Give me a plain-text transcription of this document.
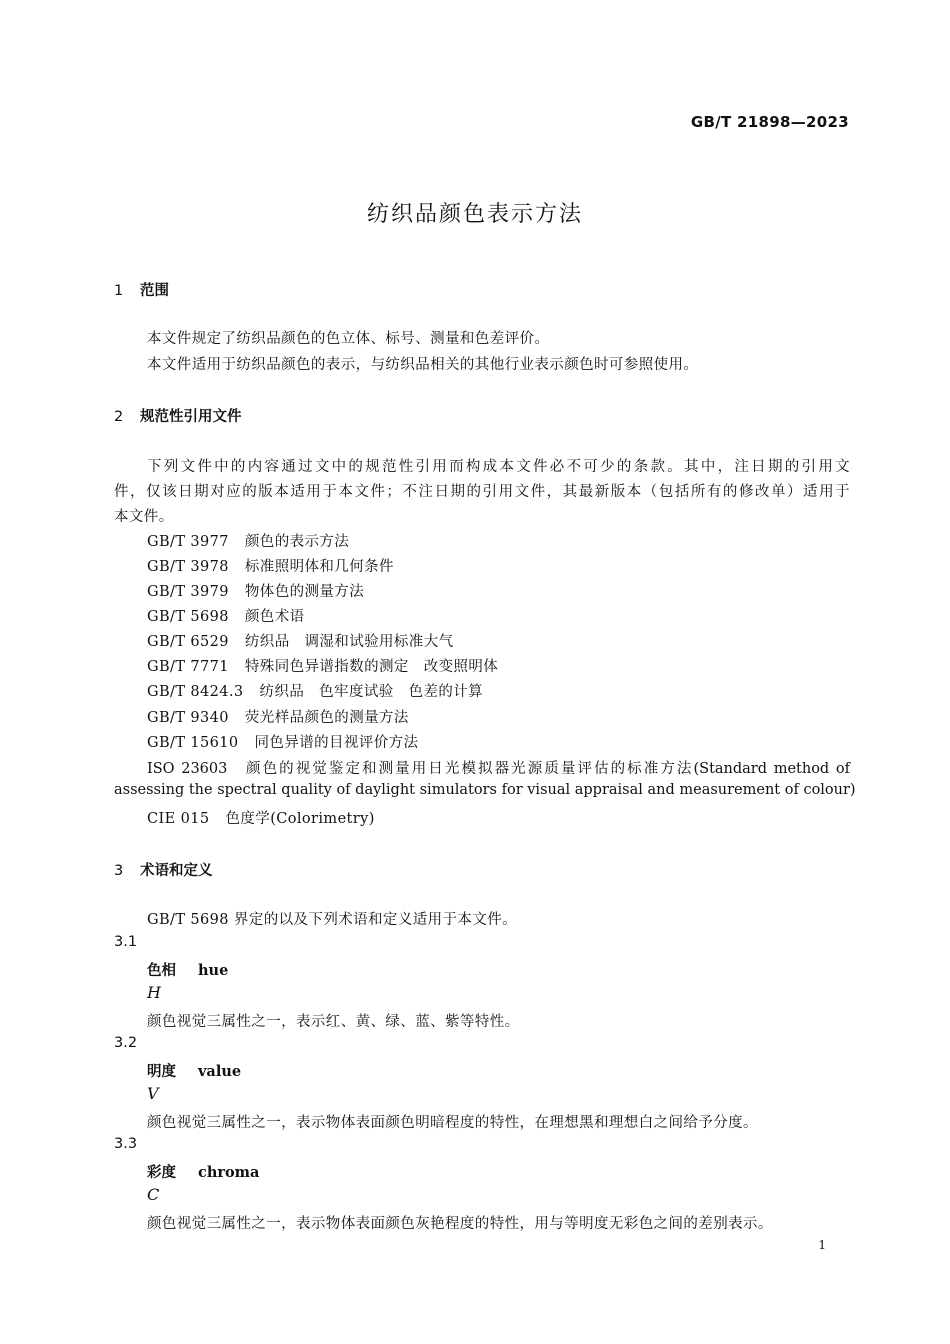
GB/T 21898—2023
纺织品颜色表示方法
1 范围
本文件规定了纺织品颜色的色立体、标号、测量和色差评价。
本文件适用于纺织品颜色的表示，与纺织品相关的其他行业表示颜色时可参照使用。
2 规范性引用文件
下列文件中的内容通过文中的规范性引用而构成本文件必不可少的条款。其中，注日期的引用文
件，仅该日期对应的版本适用于本文件；不注日期的引用文件，其最新版本（包括所有的修改单）适用于
本文件。
GB/T 3977 颜色的表示方法
GB/T 3978 标准照明体和几何条件
GB/T 3979 物体色的测量方法
GB/T 5698 颜色术语
GB/T 6529 纺织品　调湿和试验用标准大气
GB/T 7771 特殊同色异谱指数的测定　改变照明体
GB/T 8424.3 纺织品　色牢度试验　色差的计算
GB/T 9340 荧光样品颜色的测量方法
GB/T 15610 同色异谱的目视评价方法
ISO 23603　颜色的视觉鉴定和测量用日光模拟器光源质量评估的标准方法(Standard method of
assessing the spectral quality of daylight simulators for visual appraisal and measurement of colour)
CIE 015 色度学(Colorimetry)
3 术语和定义
GB/T 5698 界定的以及下列术语和定义适用于本文件。
3.1
色相 hue
H
颜色视觉三属性之一，表示红、黄、绿、蓝、紫等特性。
3.2
明度 value
V
颜色视觉三属性之一，表示物体表面颜色明暗程度的特性，在理想黑和理想白之间给予分度。
3.3
彩度 chroma
C
颜色视觉三属性之一，表示物体表面颜色灰艳程度的特性，用与等明度无彩色之间的差别表示。
1
